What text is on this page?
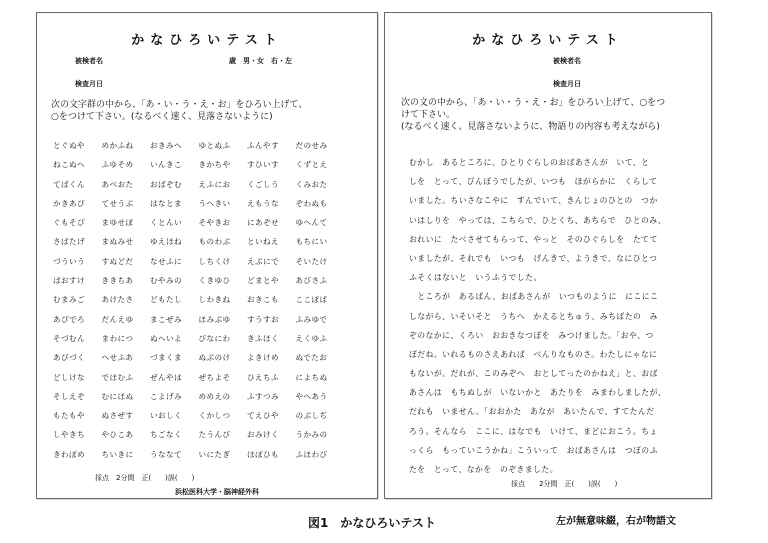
かなひろいテスト
被検者名	歳　男・女　右・左
検査月日
次の文字群の中から、「あ・い・う・え・お」をひろい上げて、
○をつけて下さい。(なるべく速く、見落さないように)
とぐぬや めかふね おきみへ ゆとぬふ ふんやす だのせみ
ねこぬへ ふゆそめ いんきこ きかちや すひいす くずとえ
てばくん あべおた おばぞむ えふにお くごしう くみおた
かきあぴ てせうぶ はなとま うへきい えもうな ぞわぬも
ぐもそぴ まゆせぽ くとんい そやきお にあぞせ ゆへんて
さぱたげ まぬみせ ゆえほね ものわぶ といねえ もちにい
づういう すぬどだ なせふに しちくけ えぶにで そいたけ
ぱおすけ ききちあ むやみの くきゆひ どまとや あびさふ
むまみご あけたさ どもたし しわきね おきこも ここぽぱ
あぴでろ だんえゆ まこぜみ ほみぶゆ すうすお ふみゆで
そづむん まわにつ ぬへいよ びなにわ きふほく えくゆふ
あびづく へせふあ づまくま ぬぶのけ よきけめ ぬでたお
どしけな でほむふ ぜんやは ぜちよそ ひえちふ によちぬ
そしえぞ むにほぬ こよげみ めめえの ふすつみ やへあう
もたもや ぬさぜす いおしく くかしつ てえひや のぶしぢ
しやきち やひこあ ちごなく たうんび おみけく うかみの
きわぽめ ちいきに うななて いにたぎ ほぽひも ふほわび
採点　2分間　正(　　)誤(　　)
浜松医科大学・脳神経外科
かなひろいテスト
被検者名
検査月日
次の文の中から、「あ・い・う・え・お」をひろい上げて、○をつ
けて下さい。
(なるべく速く、見落さないように、物語りの内容も考えながら)
むかし　あるところに、ひとりぐらしのおばあさんが　いて、と
しを　とって、びんぼうでしたが、いつも　ほがらかに　くらして
いました。ちいさなこやに　すんでいて、きんじょのひとの　つか
いはしりを　やっては、こちらで、ひとくち、あちらで　ひとのみ、
おれいに　たべさせてもらって、やっと　そのひぐらしを　たてて
いましたが、それでも　いつも　げんきで、ようきで、なにひとつ
ふそくはないと　いうふうでした。
　ところが　あるばん、おばあさんが　いつものように　にこにこ
しながら、いそいそと　うちへ　かえるとちゅう、みちばたの　み
ぞのなかに、くろい　おおきなつぼを　みつけました。「おや、つ
ぼだね。いれるものさえあれば　べんりなものさ。わたしにゃなに
もないが。だれが、このみぞへ　おとしてったのかねえ」と、おば
あさんは　もちぬしが　いないかと　あたりを　みまわしましたが、
だれも　いません。「おおかた　あなが　あいたんで、すてたんだ
ろう。そんなら　ここに、はなでも　いけて、まどにおこう。ちょ
っくら　もっていこうかね」こういって　おばあさんは　つぼのふ
たを　とって、なかを　のぞきました。
採点　　2分間　正(　　)誤(　　)
図1　かなひろいテスト	左が無意味綴，右が物語文
